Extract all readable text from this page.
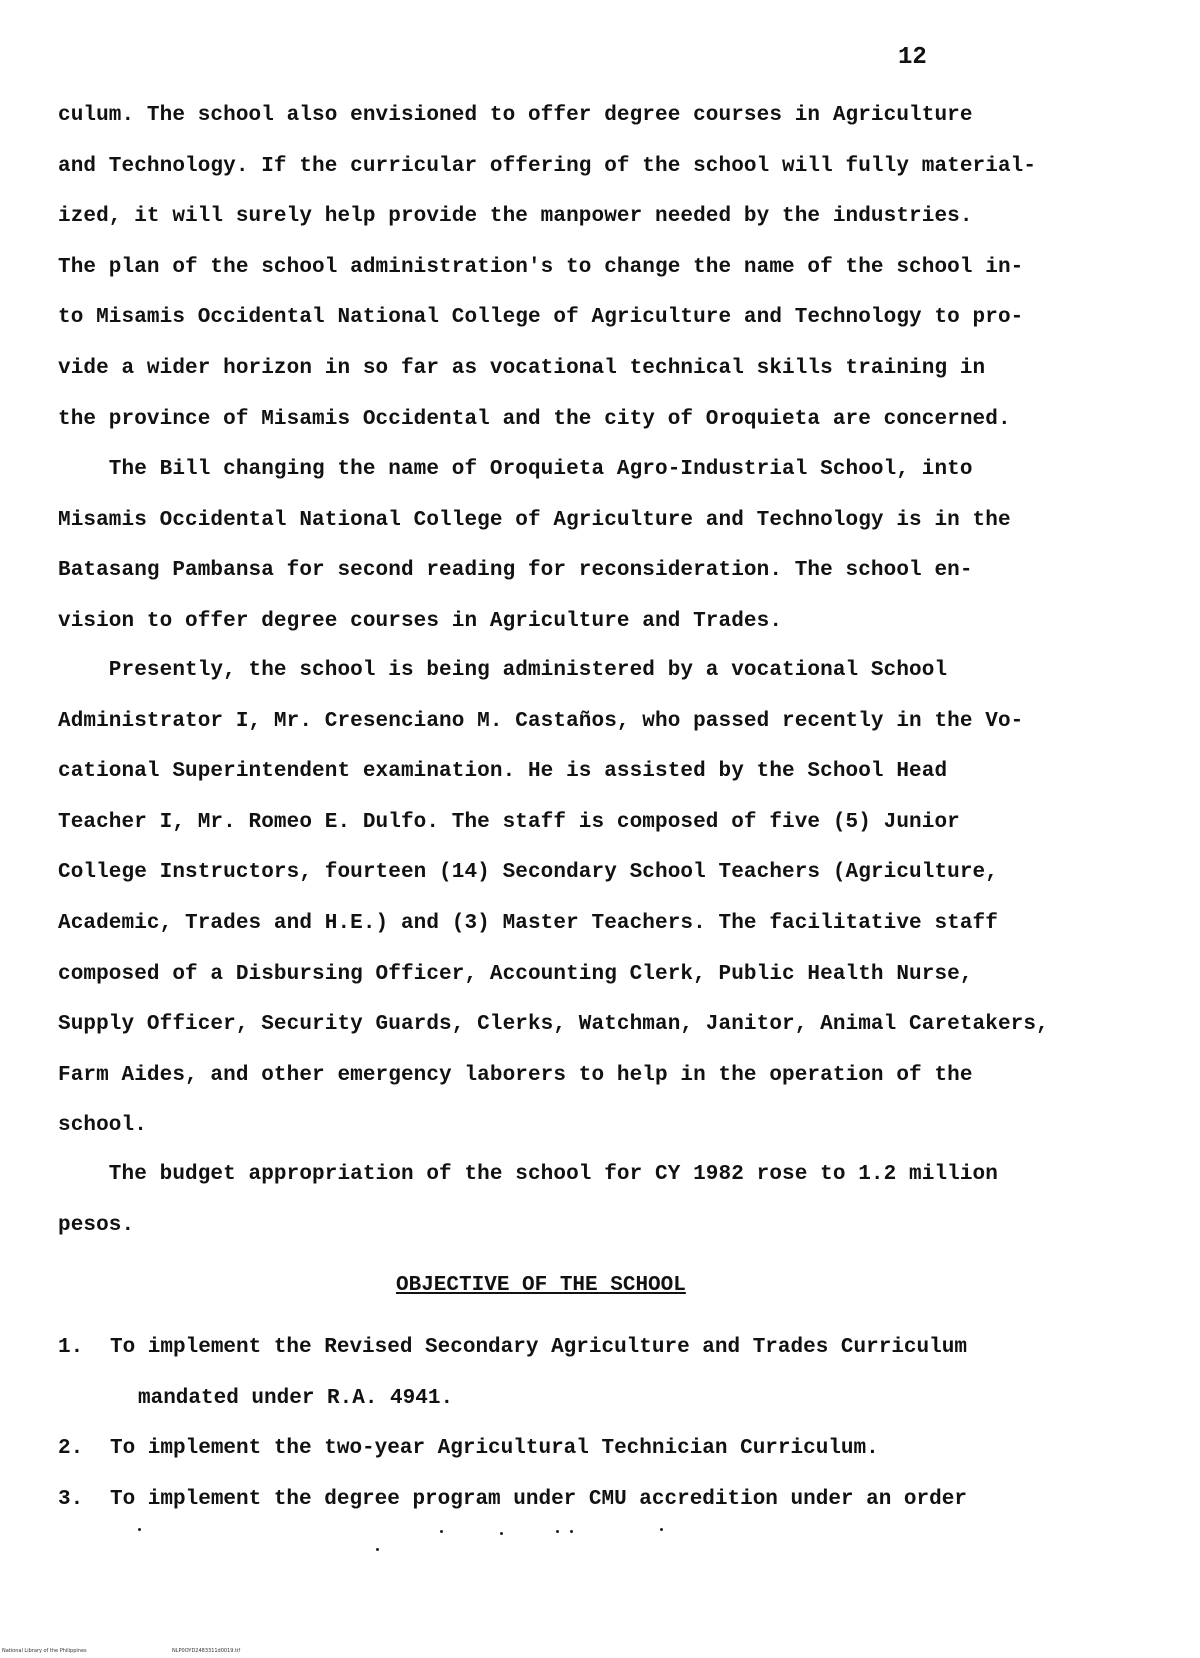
12
culum. The school also envisioned to offer degree courses in Agriculture
and Technology. If the curricular offering of the school will fully material-
ized, it will surely help provide the manpower needed by the industries.
The plan of the school administration's to change the name of the school in-
to Misamis Occidental National College of Agriculture and Technology to pro-
vide a wider horizon in so far as vocational technical skills training in
the province of Misamis Occidental and the city of Oroquieta are concerned.
The Bill changing the name of Oroquieta Agro-Industrial School, into
Misamis Occidental National College of Agriculture and Technology is in the
Batasang Pambansa for second reading for reconsideration. The school en-
vision to offer degree courses in Agriculture and Trades.
Presently, the school is being administered by a vocational School
Administrator I, Mr. Cresenciano M. Castaños, who passed recently in the Vo-
cational Superintendent examination. He is assisted by the School Head
Teacher I, Mr. Romeo E. Dulfo. The staff is composed of five (5) Junior
College Instructors, fourteen (14) Secondary School Teachers (Agriculture,
Academic, Trades and H.E.) and (3) Master Teachers. The facilitative staff
composed of a Disbursing Officer, Accounting Clerk, Public Health Nurse,
Supply Officer, Security Guards, Clerks, Watchman, Janitor, Animal Caretakers,
Farm Aides, and other emergency laborers to help in the operation of the
school.
The budget appropriation of the school for CY 1982 rose to 1.2 million
pesos.
OBJECTIVE OF THE SCHOOL
1.	To implement the Revised Secondary Agriculture and Trades Curriculum
mandated under R.A. 4941.
2.	To implement the two-year Agricultural Technician Curriculum.
3.	To implement the degree program under CMU accredition under an order
National Library of the Philippines	NLP0OYD2483311d0019.tif
